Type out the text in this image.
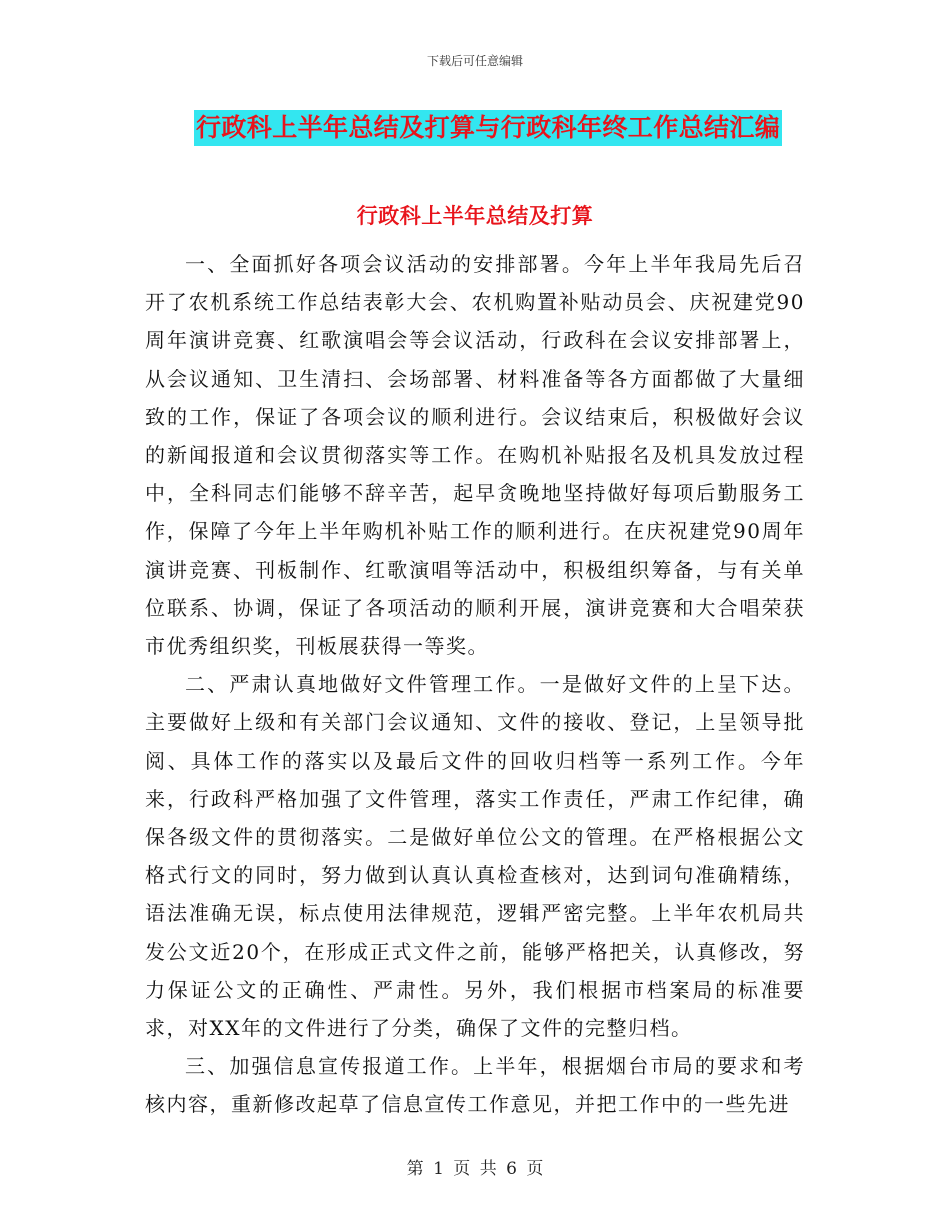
下载后可任意编辑
行政科上半年总结及打算与行政科年终工作总结汇编
行政科上半年总结及打算

一、全面抓好各项会议活动的安排部署。今年上半年我局先后召开了农机系统工作总结表彰大会、农机购置补贴动员会、庆祝建党90周年演讲竞赛、红歌演唱会等会议活动，行政科在会议安排部署上，从会议通知、卫生清扫、会场部署、材料准备等各方面都做了大量细致的工作，保证了各项会议的顺利进行。会议结束后，积极做好会议的新闻报道和会议贯彻落实等工作。在购机补贴报名及机具发放过程中，全科同志们能够不辞辛苦，起早贪晚地坚持做好每项后勤服务工作，保障了今年上半年购机补贴工作的顺利进行。在庆祝建党90周年演讲竞赛、刊板制作、红歌演唱等活动中，积极组织筹备，与有关单位联系、协调，保证了各项活动的顺利开展，演讲竞赛和大合唱荣获市优秀组织奖，刊板展获得一等奖。

二、严肃认真地做好文件管理工作。一是做好文件的上呈下达。主要做好上级和有关部门会议通知、文件的接收、登记，上呈领导批阅、具体工作的落实以及最后文件的回收归档等一系列工作。今年来，行政科严格加强了文件管理，落实工作责任，严肃工作纪律，确保各级文件的贯彻落实。二是做好单位公文的管理。在严格根据公文格式行文的同时，努力做到认真认真检查核对，达到词句准确精练，语法准确无误，标点使用法律规范，逻辑严密完整。上半年农机局共发公文近20个，在形成正式文件之前，能够严格把关，认真修改，努力保证公文的正确性、严肃性。另外，我们根据市档案局的标准要求，对XX年的文件进行了分类，确保了文件的完整归档。

三、加强信息宣传报道工作。上半年，根据烟台市局的要求和考核内容，重新修改起草了信息宣传工作意见，并把工作中的一些先进

第 1 页 共 6 页
